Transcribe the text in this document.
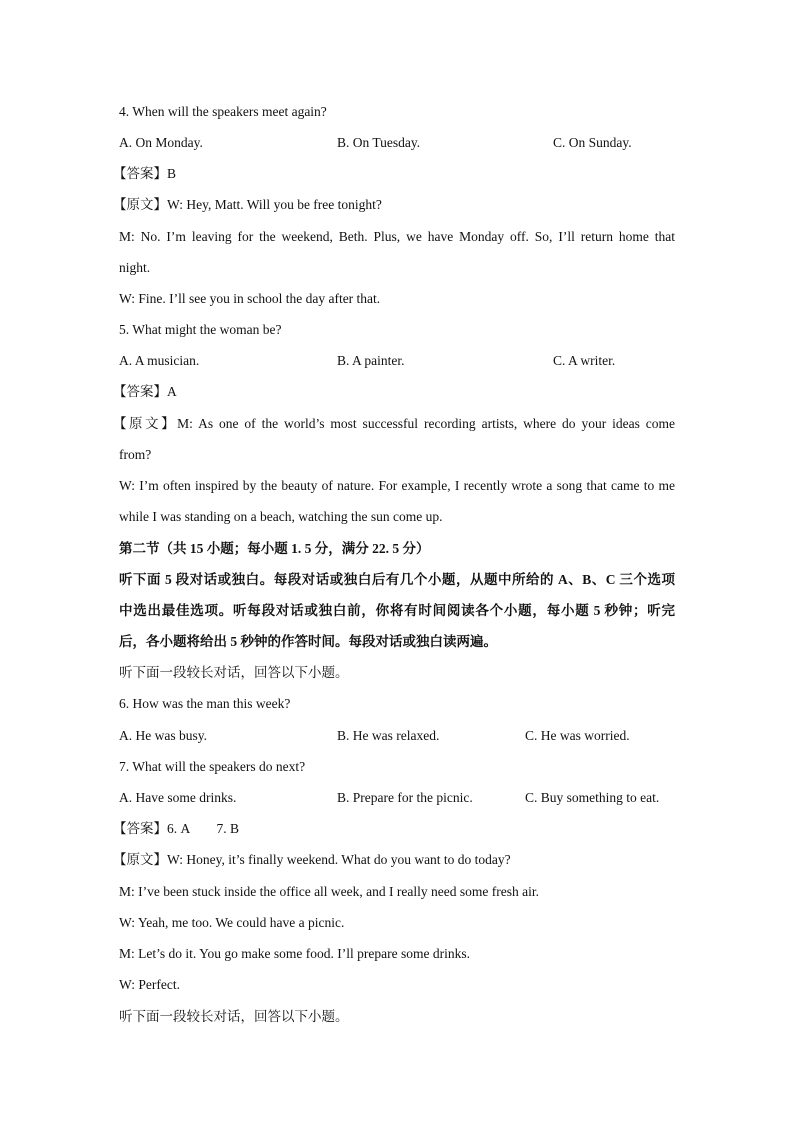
4. When will the speakers meet again?
A. On Monday.	B. On Tuesday.	C. On Sunday.
【答案】B
【原文】W: Hey, Matt. Will you be free tonight?
M: No. I’m leaving for the weekend, Beth. Plus, we have Monday off. So, I’ll return home that
night.
W: Fine. I’ll see you in school the day after that.
5. What might the woman be?
A. A musician.	B. A painter.	C. A writer.
【答案】A
【原文】M: As one of the world’s most successful recording artists, where do your ideas come
from?
W: I’m often inspired by the beauty of nature. For example, I recently wrote a song that came to me
while I was standing on a beach, watching the sun come up.
第二节（共 15 小题；每小题 1. 5 分，满分 22. 5 分）
听下面 5 段对话或独白。每段对话或独白后有几个小题，从题中所给的 A、B、C 三个选项
中选出最佳选项。听每段对话或独白前，你将有时间阅读各个小题，每小题 5 秒钟；听完
后，各小题将给出 5 秒钟的作答时间。每段对话或独白读两遍。
听下面一段较长对话，回答以下小题。
6. How was the man this week?
A. He was busy.	B. He was relaxed.	C. He was worried.
7. What will the speakers do next?
A. Have some drinks.	B. Prepare for the picnic.	C. Buy something to eat.
【答案】6. A        7. B
【原文】W: Honey, it’s finally weekend. What do you want to do today?
M: I’ve been stuck inside the office all week, and I really need some fresh air.
W: Yeah, me too. We could have a picnic.
M: Let’s do it. You go make some food. I’ll prepare some drinks.
W: Perfect.
听下面一段较长对话，回答以下小题。
